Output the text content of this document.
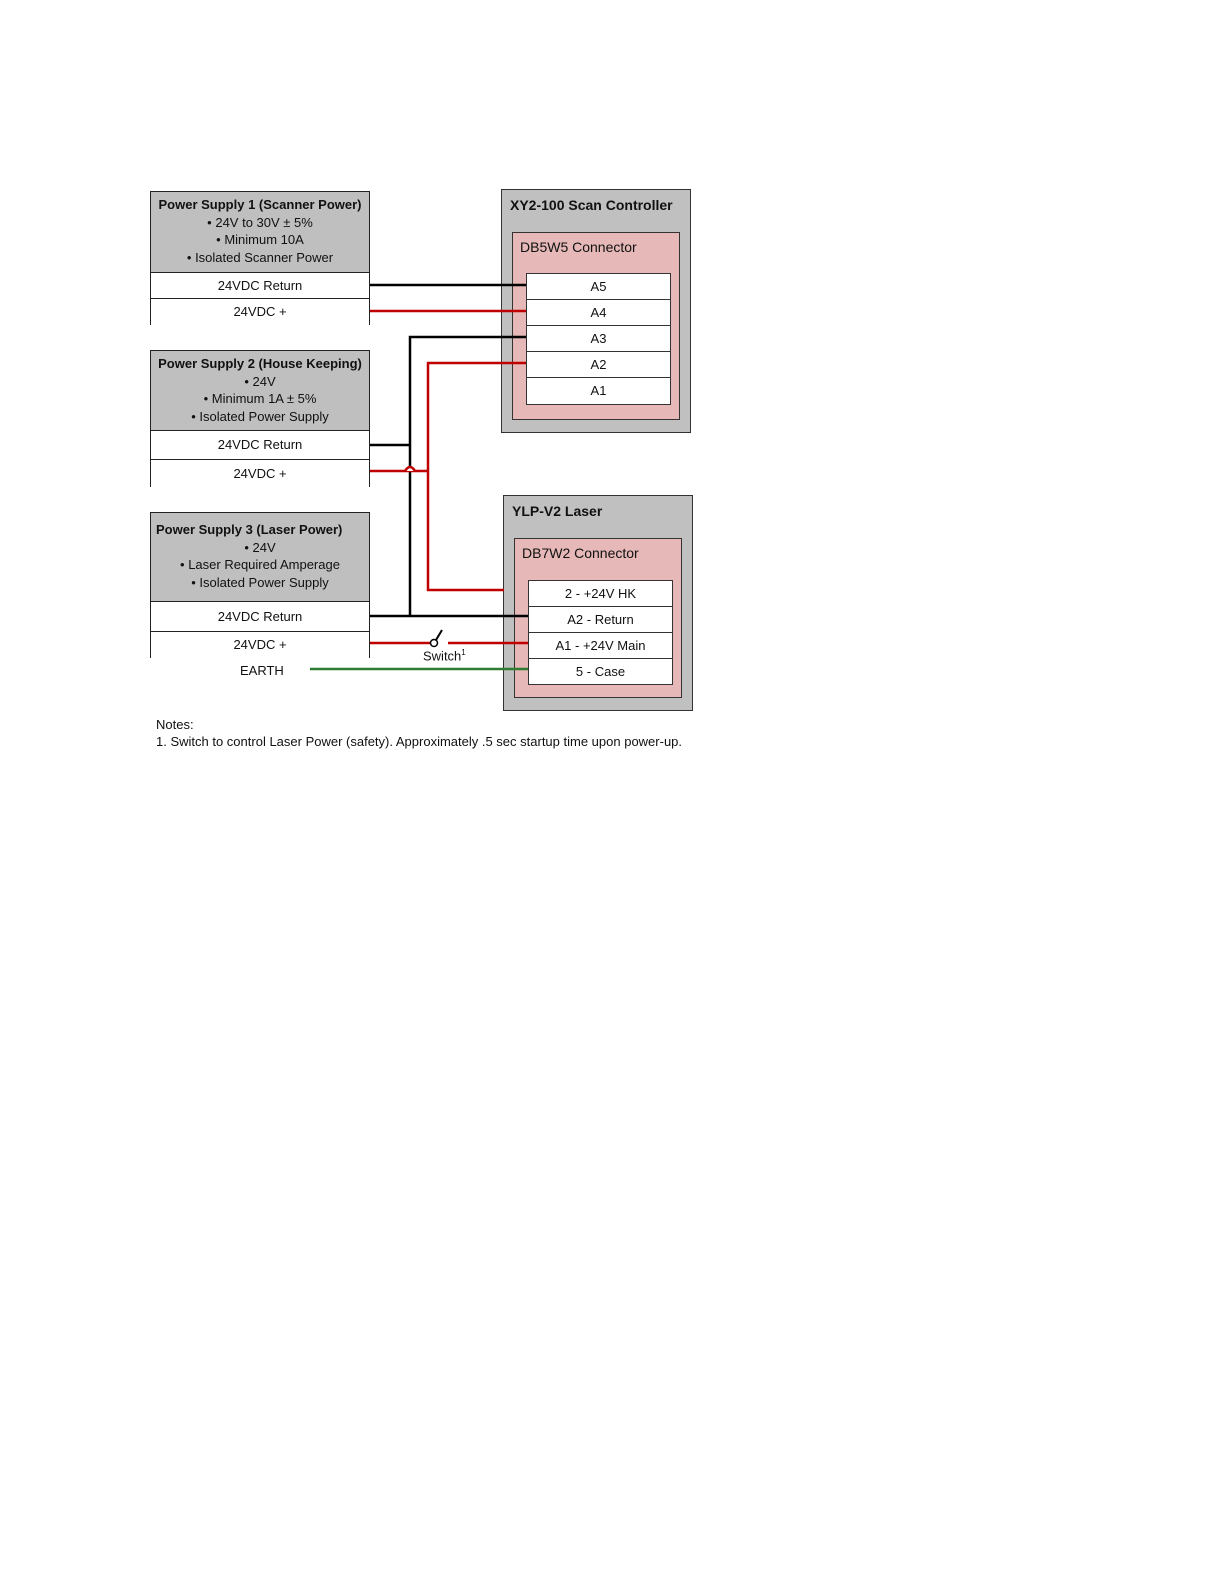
Power Supply 1 (Scanner Power)
• 24V to 30V ± 5%
• Minimum 10A
• Isolated Scanner Power
24VDC Return
24VDC +
Power Supply 2 (House Keeping)
• 24V
• Minimum 1A ± 5%
• Isolated Power Supply
24VDC Return
24VDC +
Power Supply 3 (Laser Power)
• 24V
• Laser Required Amperage
• Isolated Power Supply
24VDC Return
24VDC +
EARTH
XY2-100 Scan Controller
DB5W5 Connector
A5
A4
A3
A2
A1
YLP-V2 Laser
DB7W2 Connector
2 - +24V HK
A2 - Return
A1 - +24V Main
5 - Case
Switch$^1$
Notes:
1. Switch to control Laser Power (safety). Approximately .5 sec startup time upon power-up.
